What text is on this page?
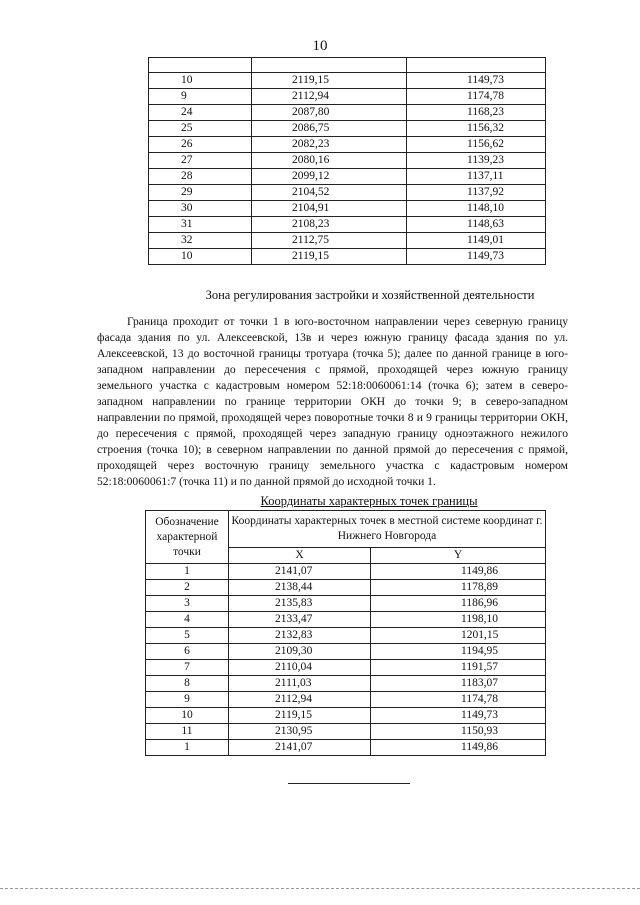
10

10	2119,15	1149,73
9	2112,94	1174,78
24	2087,80	1168,23
25	2086,75	1156,32
26	2082,23	1156,62
27	2080,16	1139,23
28	2099,12	1137,11
29	2104,52	1137,92
30	2104,91	1148,10
31	2108,23	1148,63
32	2112,75	1149,01
10	2119,15	1149,73
Зона регулирования застройки и хозяйственной деятельности
Граница проходит от точки 1 в юго-восточном направлении через северную границу фасада здания по ул. Алексеевской, 13в и через южную границу фасада здания по ул. Алексеевской, 13 до восточной границы тротуара (точка 5); далее по данной границе в юго-западном направлении до пересечения с прямой, проходящей через южную границу земельного участка с кадастровым номером 52:18:0060061:14 (точка 6); затем в северо-западном направлении по границе территории ОКН до точки 9; в северо-западном направлении по прямой, проходящей через поворотные точки 8 и 9 границы территории ОКН, до пересечения с прямой, проходящей через западную границу одноэтажного нежилого строения (точка 10); в северном направлении по данной прямой до пересечения с прямой, проходящей через восточную границу земельного участка с кадастровым номером 52:18:0060061:7 (точка 11) и по данной прямой до исходной точки 1.
Координаты характерных точек границы
Обозначение характерной точки	Координаты характерных точек в местной системе координат г. Нижнего Новгорода	
	X	Y
1	2141,07	1149,86
2	2138,44	1178,89
3	2135,83	1186,96
4	2133,47	1198,10
5	2132,83	1201,15
6	2109,30	1194,95
7	2110,04	1191,57
8	2111,03	1183,07
9	2112,94	1174,78
10	2119,15	1149,73
11	2130,95	1150,93
1	2141,07	1149,86
